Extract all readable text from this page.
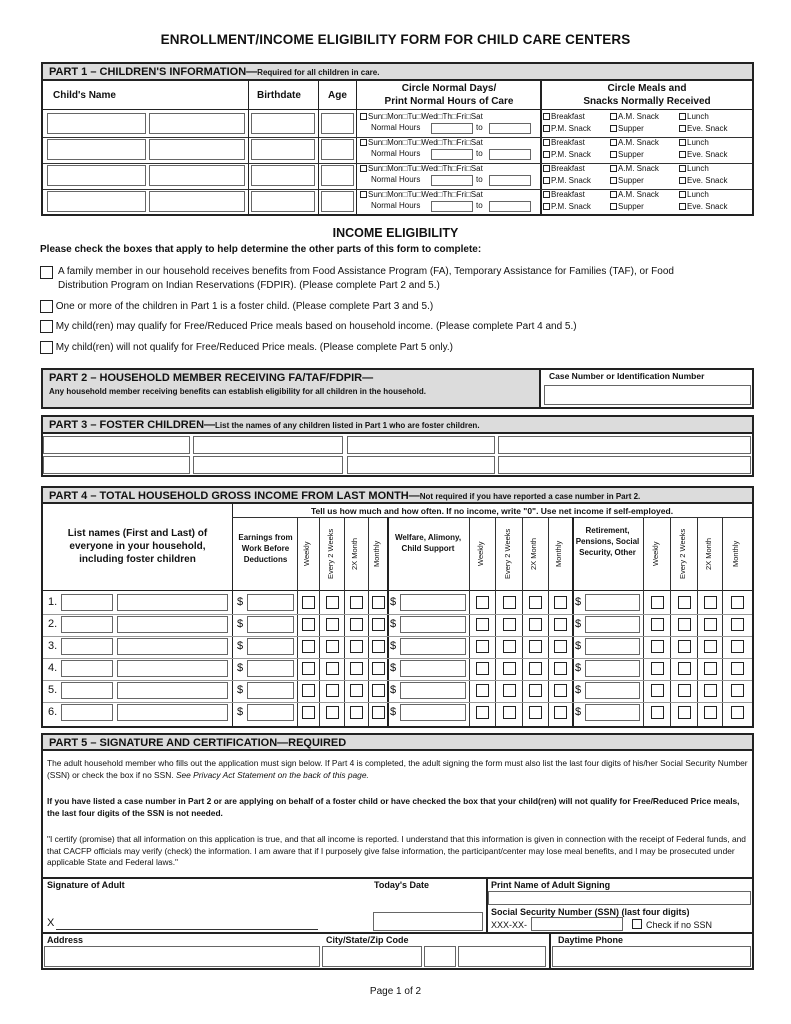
ENROLLMENT/INCOME ELIGIBILITY FORM FOR CHILD CARE CENTERS
PART 1 – CHILDREN'S INFORMATION—Required for all children in care.
INCOME ELIGIBILITY
Please check the boxes that apply to help determine the other parts of this form to complete:
A family member in our household receives benefits from Food Assistance Program (FA), Temporary Assistance for Families (TAF), or Food
Distribution Program on Indian Reservations (FDPIR). (Please complete Part 2 and 5.)
One or more of the children in Part 1 is a foster child. (Please complete Part 3 and 5.)
My child(ren) may qualify for Free/Reduced Price meals based on household income. (Please complete Part 4 and 5.)
My child(ren) will not qualify for Free/Reduced Price meals. (Please complete Part 5 only.)
PART 2 – HOUSEHOLD MEMBER RECEIVING FA/TAF/FDPIR—
Any household member receiving benefits can establish eligibility for all children in the household.
Case Number or Identification Number
PART 3 – FOSTER CHILDREN—List the names of any children listed in Part 1 who are foster children.
PART 4 – TOTAL HOUSEHOLD GROSS INCOME FROM LAST MONTH—Not required if you have reported a case number in Part 2.
Tell us how much and how often. If no income, write "0". Use net income if self-employed.
PART 5 – SIGNATURE AND CERTIFICATION—REQUIRED
The adult household member who fills out the application must sign below. If Part 4 is completed, the adult signing the form must also list the last four digits of his/her Social Security Number (SSN) or check the box if no SSN. See Privacy Act Statement on the back of this page.
If you have listed a case number in Part 2 or are applying on behalf of a foster child or have checked the box that your child(ren) will not qualify for Free/Reduced Price meals, the last four digits of the SSN is not needed.
"I certify (promise) that all information on this application is true, and that all income is reported. I understand that this information is given in connection with the receipt of Federal funds, and that CACFP officials may verify (check) the information. I am aware that if I purposely give false information, the participant/center may lose meal benefits, and I may be prosecuted under applicable State and Federal laws."
Signature of Adult	Today's Date
X
Print Name of Adult Signing
Social Security Number (SSN) (last four digits)
XXX-XX-	Check if no SSN
Address	City/State/Zip Code	Daytime Phone
Page 1 of 2
Child's Name	Birthdate	Age
Circle Normal Days/
Print Normal Hours of Care
Circle Meals and
Snacks Normally Received
Sun□Mon□Tu□Wed□Th□Fri□Sat
Normal Hours	to
Breakfast	A.M. Snack	Lunch
P.M. Snack	Supper	Eve. Snack
Sun□Mon□Tu□Wed□Th□Fri□Sat
Normal Hours	to
Breakfast	A.M. Snack	Lunch
P.M. Snack	Supper	Eve. Snack
Sun□Mon□Tu□Wed□Th□Fri□Sat
Normal Hours	to
Breakfast	A.M. Snack	Lunch
P.M. Snack	Supper	Eve. Snack
Sun□Mon□Tu□Wed□Th□Fri□Sat
Normal Hours	to
Breakfast	A.M. Snack	Lunch
P.M. Snack	Supper	Eve. Snack
List names (First and Last) of everyone in your household, including foster children
Earnings from Work Before Deductions	Weekly	Every 2 Weeks	2X Month	Monthly
Welfare, Alimony, Child Support	Weekly	Every 2 Weeks	2X Month	Monthly
Retirement, Pensions, Social Security, Other	Weekly	Every 2 Weeks	2X Month	Monthly
1.	$	$	$
2.	$	$	$
3.	$	$	$
4.	$	$	$
5.	$	$	$
6.	$	$	$
